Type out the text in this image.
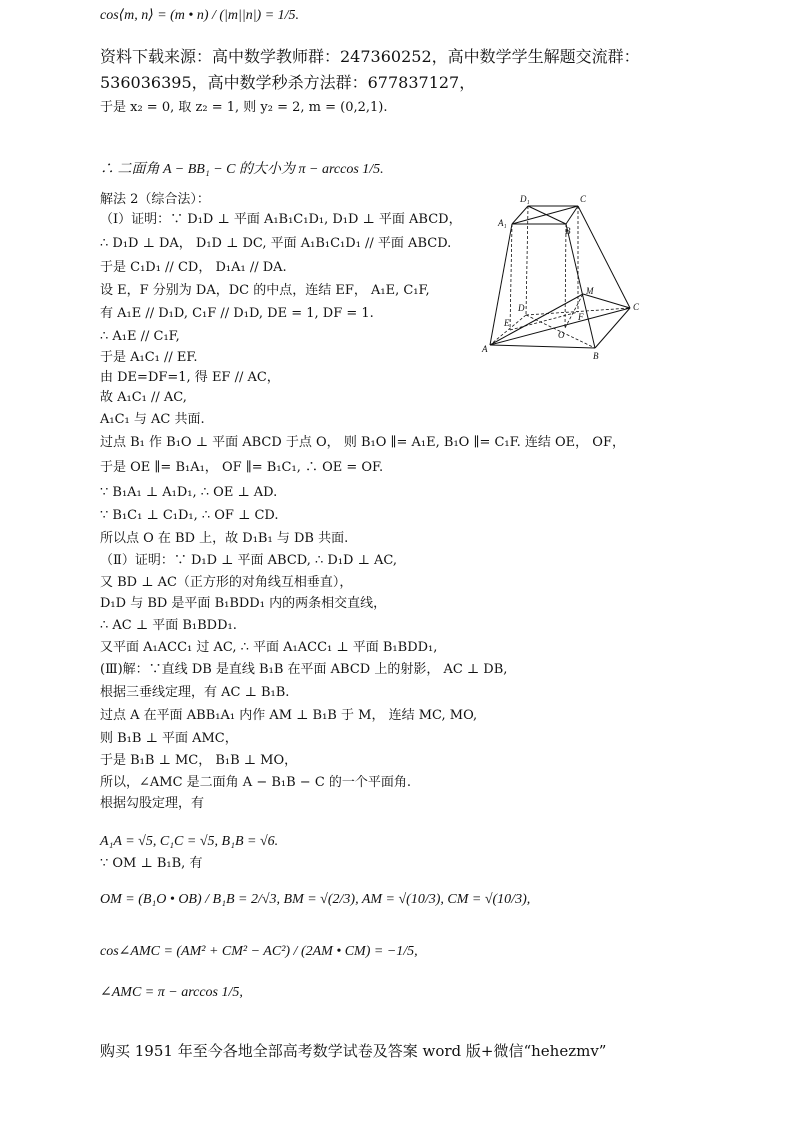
cos⟨m, n⟩ = (m • n) / (|m||n|) = 1/5.
资料下载来源：高中数学教师群：247360252，高中数学学生解题交流群：
536036395，高中数学秒杀方法群：677837127，
于是 x₂ = 0, 取 z₂ = 1, 则 y₂ = 2, m = (0,2,1).
∴ 二面角 A − BB₁ − C 的大小为 π − arccos 1/5.
解法 2（综合法）：
（Ⅰ）证明：∵ D₁D ⊥ 平面 A₁B₁C₁D₁, D₁D ⊥ 平面 ABCD，
∴ D₁D ⊥ DA， D₁D ⊥ DC, 平面 A₁B₁C₁D₁ // 平面 ABCD.
于是 C₁D₁ // CD， D₁A₁ // DA.
设 E，F 分别为 DA，DC 的中点，连结 EF， A₁E, C₁F,
有 A₁E // D₁D, C₁F // D₁D, DE = 1, DF = 1.
∴ A₁E // C₁F,
于是 A₁C₁ // EF.
由 DE=DF=1, 得 EF // AC，
故 A₁C₁ // AC,
A₁C₁ 与 AC 共面.
过点 B₁ 作 B₁O ⊥ 平面 ABCD 于点 O， 则 B₁O ∥= A₁E, B₁O ∥= C₁F. 连结 OE， OF，
于是 OE ∥= B₁A₁， OF ∥= B₁C₁, ∴ OE = OF.
∵ B₁A₁ ⊥ A₁D₁, ∴ OE ⊥ AD.
∵ B₁C₁ ⊥ C₁D₁, ∴ OF ⊥ CD.
所以点 O 在 BD 上，故 D₁B₁ 与 DB 共面.
（Ⅱ）证明：∵ D₁D ⊥ 平面 ABCD, ∴ D₁D ⊥ AC,
又 BD ⊥ AC（正方形的对角线互相垂直），
D₁D 与 BD 是平面 B₁BDD₁ 内的两条相交直线，
∴ AC ⊥ 平面 B₁BDD₁.
又平面 A₁ACC₁ 过 AC, ∴ 平面 A₁ACC₁ ⊥ 平面 B₁BDD₁,
(Ⅲ)解：∵直线 DB 是直线 B₁B 在平面 ABCD 上的射影， AC ⊥ DB,
根据三垂线定理，有 AC ⊥ B₁B.
过点 A 在平面 ABB₁A₁ 内作 AM ⊥ B₁B 于 M， 连结 MC, MO,
则 B₁B ⊥ 平面 AMC，
于是 B₁B ⊥ MC， B₁B ⊥ MO，
所以，∠AMC 是二面角 A − B₁B − C 的一个平面角.
根据勾股定理，有
A₁A = √5, C₁C = √5, B₁B = √6.
∵ OM ⊥ B₁B, 有
OM = (B₁O • OB) / B₁B = 2/√3, BM = √(2/3), AM = √(10/3), CM = √(10/3),
cos∠AMC = (AM² + CM² − AC²) / (2AM • CM) = −1/5,
∠AMC = π − arccos 1/5,
D₁	C
A₁
B
M
D
E
F
O
A
B
C
购买 1951 年至今各地全部高考数学试卷及答案 word 版+微信“hehezmv”
